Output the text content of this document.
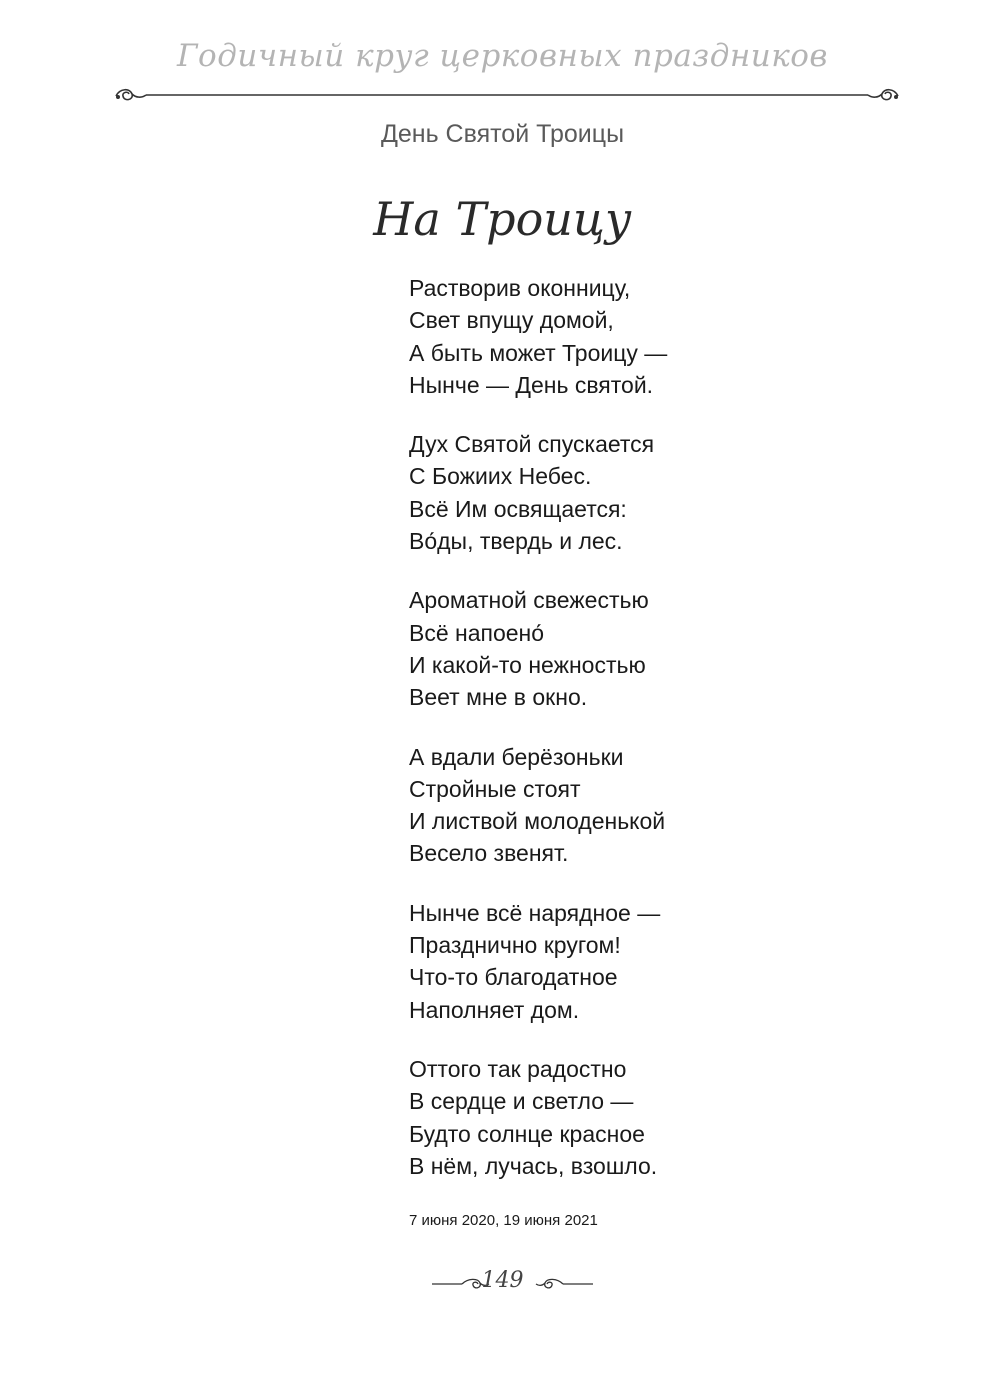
Годичный круг церковных праздников
День Святой Троицы
На Троицу
Растворив оконницу,
Свет впущу домой,
А быть может Троицу —
Нынче — День святой.
Дух Святой спускается
С Божиих Небес.
Всё Им освящается:
Во́ды, твердь и лес.
Ароматной свежестью
Всё напоено́
И какой-то нежностью
Веет мне в окно.
А вдали берёзоньки
Стройные стоят
И листвой молоденькой
Весело звенят.
Нынче всё нарядное —
Празднично кругом!
Что-то благодатное
Наполняет дом.
Оттого так радостно
В сердце и светло —
Будто солнце красное
В нём, лучась, взошло.
7 июня 2020, 19 июня 2021
149
